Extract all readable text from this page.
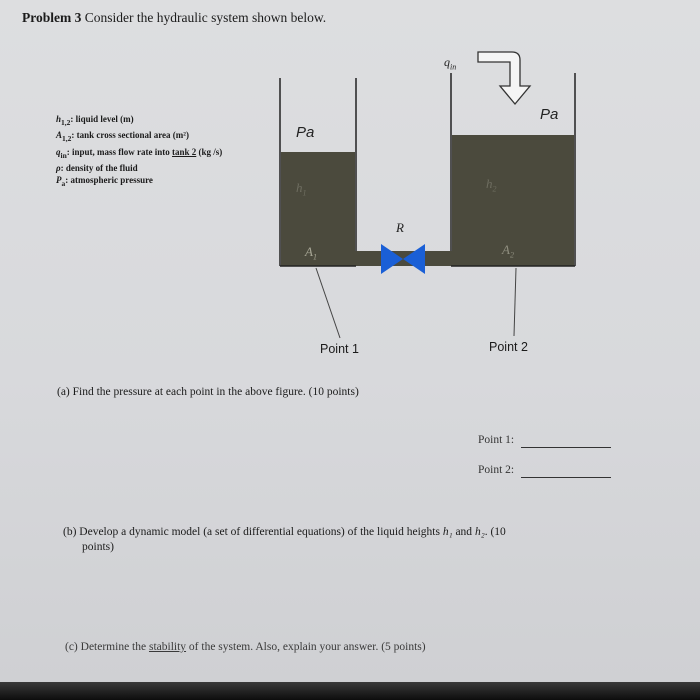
Problem 3 Consider the hydraulic system shown below.
$h_{1,2}$: liquid level (m)
$A_{1,2}$: tank cross sectional area (m²)
$q_{in}$: input, mass flow rate into tank 2 (kg /s)
ρ: density of the fluid
$P_a$: atmospheric pressure
Pa
Pa
$h_1$
$h_2$
$A_1$
$A_2$
R
$q_{in}$
Point 1	Point 2
(a) Find the pressure at each point in the above figure. (10 points)
Point 1:
Point 2:
(b) Develop a dynamic model (a set of differential equations) of the liquid heights h₁ and h₂. (10
points)
(c) Determine the stability of the system. Also, explain your answer. (5 points)
